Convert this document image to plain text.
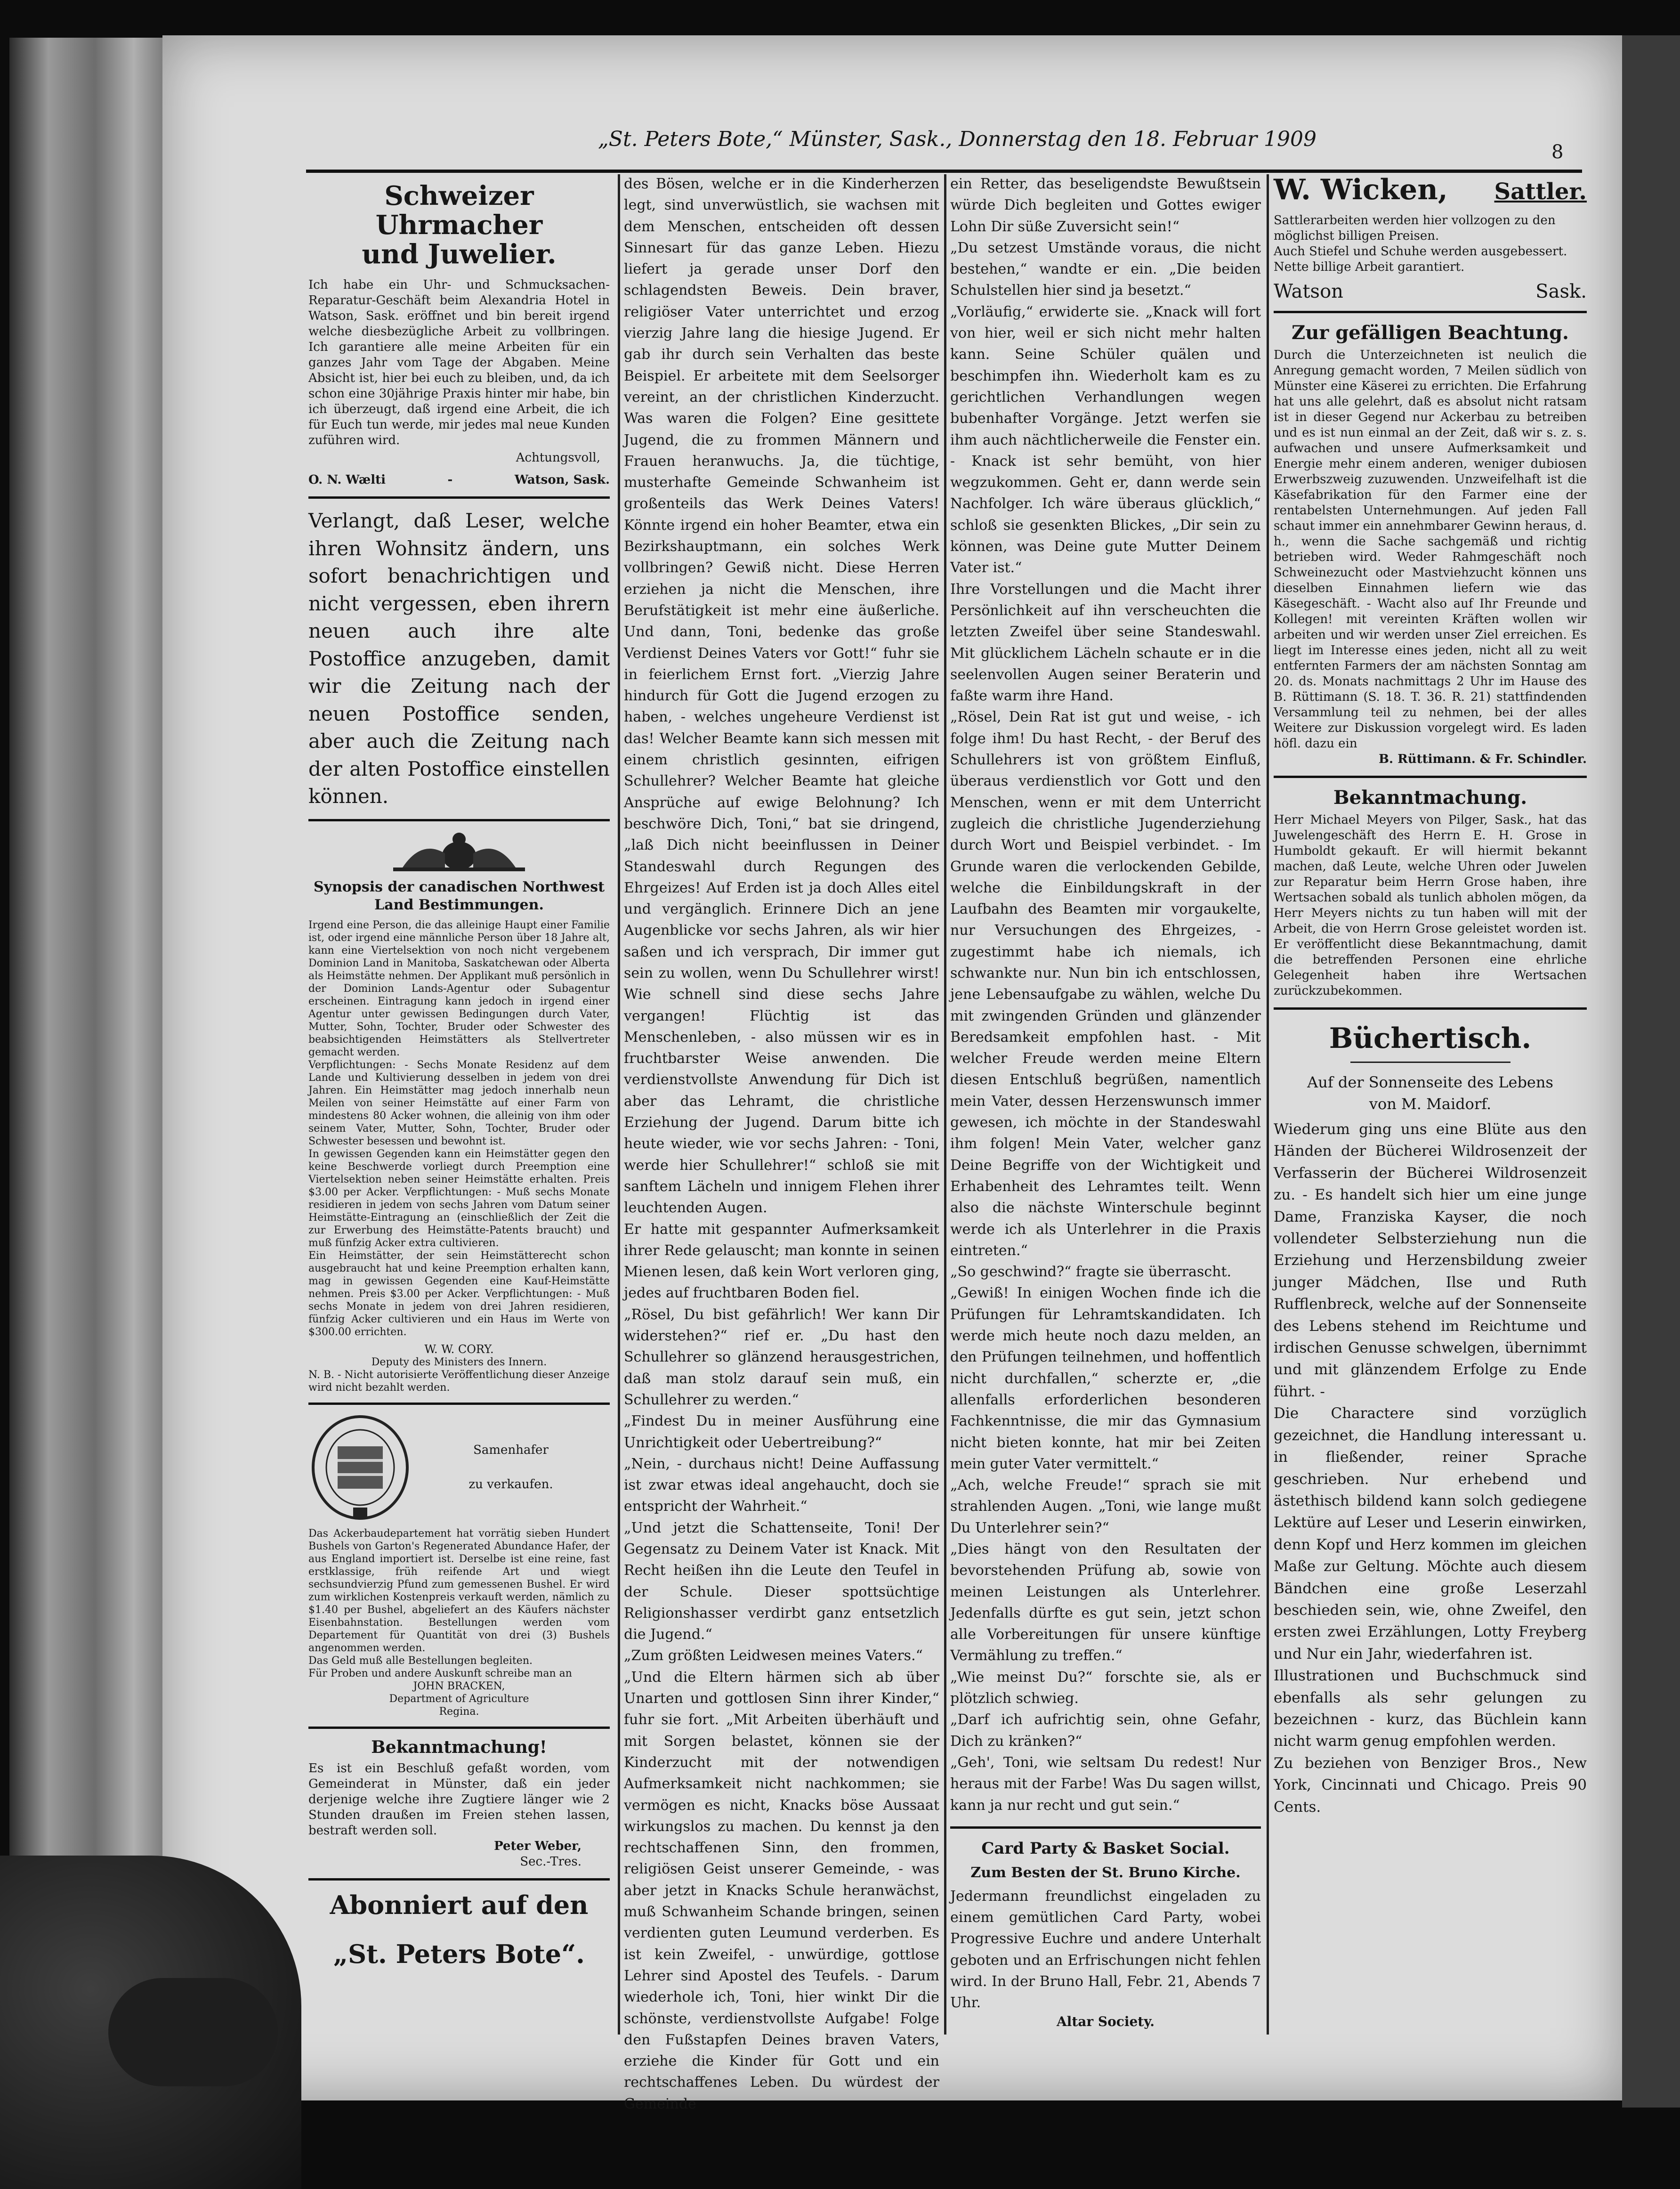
„St. Peters Bote,“ Münster, Sask., Donnerstag den 18. Februar 1909
8

Schweizer Uhrmacher
und Juwelier.

Ich habe ein Uhr- und Schmucksachen-Reparatur-Geschäft beim Alexandria Hotel in Watson, Sask. eröffnet und bin bereit irgend welche diesbezügliche Arbeit zu vollbringen. Ich garantiere alle meine Arbeiten für ein ganzes Jahr vom Tage der Abgaben. Meine Absicht ist, hier bei euch zu bleiben, und, da ich schon eine 30jährige Praxis hinter mir habe, bin ich überzeugt, daß irgend eine Arbeit, die ich für Euch tun werde, mir jedes mal neue Kunden zuführen wird.

Achtungsvoll,

O. N. Wælti	-	Watson, Sask.

Verlangt, daß Leser, welche ihren Wohnsitz ändern, uns sofort benachrichtigen und nicht vergessen, eben ihrern neuen auch ihre alte Postoffice anzugeben, damit wir die Zeitung nach der neuen Postoffice senden, aber auch die Zeitung nach der alten Postoffice einstellen können.

Synopsis der canadischen Northwest
Land Bestimmungen.

Irgend eine Person, die das alleinige Haupt einer Familie ist, oder irgend eine männliche Person über 18 Jahre alt, kann eine Viertelsektion von noch nicht vergebenem Dominion Land in Manitoba, Saskatchewan oder Alberta als Heimstätte nehmen. Der Applikant muß persönlich in der Dominion Lands-Agentur oder Subagentur erscheinen. Eintragung kann jedoch in irgend einer Agentur unter gewissen Bedingungen durch Vater, Mutter, Sohn, Tochter, Bruder oder Schwester des beabsichtigenden Heimstätters als Stellvertreter gemacht werden.
Verpflichtungen: - Sechs Monate Residenz auf dem Lande und Kultivierung desselben in jedem von drei Jahren. Ein Heimstätter mag jedoch innerhalb neun Meilen von seiner Heimstätte auf einer Farm von mindestens 80 Acker wohnen, die alleinig von ihm oder seinem Vater, Mutter, Sohn, Tochter, Bruder oder Schwester besessen und bewohnt ist.
In gewissen Gegenden kann ein Heimstätter gegen den keine Beschwerde vorliegt durch Preemption eine Viertelsektion neben seiner Heimstätte erhalten. Preis $3.00 per Acker. Verpflichtungen: - Muß sechs Monate residieren in jedem von sechs Jahren vom Datum seiner Heimstätte-Eintragung an (einschließlich der Zeit die zur Erwerbung des Heimstätte-Patents braucht) und muß fünfzig Acker extra cultivieren.
Ein Heimstätter, der sein Heimstätterecht schon ausgebraucht hat und keine Preemption erhalten kann, mag in gewissen Gegenden eine Kauf-Heimstätte nehmen. Preis $3.00 per Acker. Verpflichtungen: - Muß sechs Monate in jedem von drei Jahren residieren, fünfzig Acker cultivieren und ein Haus im Werte von $300.00 errichten.

W. W. CORY.

Deputy des Ministers des Innern.

N. B. - Nicht autorisierte Veröffentlichung dieser Anzeige wird nicht bezahlt werden.

Samenhafer

zu verkaufen.

Das Ackerbaudepartement hat vorrätig sieben Hundert Bushels von Garton's Regenerated Abundance Hafer, der aus England importiert ist. Derselbe ist eine reine, fast erstklassige, früh reifende Art und wiegt sechsundvierzig Pfund zum gemessenen Bushel. Er wird zum wirklichen Kostenpreis verkauft werden, nämlich zu $1.40 per Bushel, abgeliefert an des Käufers nächster Eisenbahnstation. Bestellungen werden vom Departement für Quantität von drei (3) Bushels angenommen werden.
Das Geld muß alle Bestellungen begleiten.
Für Proben und andere Auskunft schreibe man an

JOHN BRACKEN,

Department of Agriculture

Regina.

Bekanntmachung!

Es ist ein Beschluß gefaßt worden, vom Gemeinderat in Münster, daß ein jeder derjenige welche ihre Zugtiere länger wie 2 Stunden draußen im Freien stehen lassen, bestraft werden soll.

Peter Weber,

Sec.-Tres.

Abonniert auf den

„St. Peters Bote“.

des Bösen, welche er in die Kinderherzen legt, sind unverwüstlich, sie wachsen mit dem Menschen, entscheiden oft dessen Sinnesart für das ganze Leben. Hiezu liefert ja gerade unser Dorf den schlagendsten Beweis. Dein braver, religiöser Vater unterrichtet und erzog vierzig Jahre lang die hiesige Jugend. Er gab ihr durch sein Verhalten das beste Beispiel. Er arbeitete mit dem Seelsorger vereint, an der christlichen Kinderzucht. Was waren die Folgen? Eine gesittete Jugend, die zu frommen Männern und Frauen heranwuchs. Ja, die tüchtige, musterhafte Gemeinde Schwanheim ist großenteils das Werk Deines Vaters! Könnte irgend ein hoher Beamter, etwa ein Bezirkshauptmann, ein solches Werk vollbringen? Gewiß nicht. Diese Herren erziehen ja nicht die Menschen, ihre Berufstätigkeit ist mehr eine äußerliche. Und dann, Toni, bedenke das große Verdienst Deines Vaters vor Gott!“ fuhr sie in feierlichem Ernst fort. „Vierzig Jahre hindurch für Gott die Jugend erzogen zu haben, - welches ungeheure Verdienst ist das! Welcher Beamte kann sich messen mit einem christlich gesinnten, eifrigen Schullehrer? Welcher Beamte hat gleiche Ansprüche auf ewige Belohnung? Ich beschwöre Dich, Toni,“ bat sie dringend, „laß Dich nicht beeinflussen in Deiner Standeswahl durch Regungen des Ehrgeizes! Auf Erden ist ja doch Alles eitel und vergänglich. Erinnere Dich an jene Augenblicke vor sechs Jahren, als wir hier saßen und ich versprach, Dir immer gut sein zu wollen, wenn Du Schullehrer wirst! Wie schnell sind diese sechs Jahre vergangen! Flüchtig ist das Menschenleben, - also müssen wir es in fruchtbarster Weise anwenden. Die verdienstvollste Anwendung für Dich ist aber das Lehramt, die christliche Erziehung der Jugend. Darum bitte ich heute wieder, wie vor sechs Jahren: - Toni, werde hier Schullehrer!“ schloß sie mit sanftem Lächeln und innigem Flehen ihrer leuchtenden Augen.
Er hatte mit gespannter Aufmerksamkeit ihrer Rede gelauscht; man konnte in seinen Mienen lesen, daß kein Wort verloren ging, jedes auf fruchtbaren Boden fiel.
„Rösel, Du bist gefährlich! Wer kann Dir widerstehen?“ rief er. „Du hast den Schullehrer so glänzend herausgestrichen, daß man stolz darauf sein muß, ein Schullehrer zu werden.“
„Findest Du in meiner Ausführung eine Unrichtigkeit oder Uebertreibung?“
„Nein, - durchaus nicht! Deine Auffassung ist zwar etwas ideal angehaucht, doch sie entspricht der Wahrheit.“
„Und jetzt die Schattenseite, Toni! Der Gegensatz zu Deinem Vater ist Knack. Mit Recht heißen ihn die Leute den Teufel in der Schule. Dieser spottsüchtige Religionshasser verdirbt ganz entsetzlich die Jugend.“
„Zum größten Leidwesen meines Vaters.“
„Und die Eltern härmen sich ab über Unarten und gottlosen Sinn ihrer Kinder,“ fuhr sie fort. „Mit Arbeiten überhäuft und mit Sorgen belastet, können sie der Kinderzucht mit der notwendigen Aufmerksamkeit nicht nachkommen; sie vermögen es nicht, Knacks böse Aussaat wirkungslos zu machen. Du kennst ja den rechtschaffenen Sinn, den frommen, religiösen Geist unserer Gemeinde, - was aber jetzt in Knacks Schule heranwächst, muß Schwanheim Schande bringen, seinen verdienten guten Leumund verderben. Es ist kein Zweifel, - unwürdige, gottlose Lehrer sind Apostel des Teufels. - Darum wiederhole ich, Toni, hier winkt Dir die schönste, verdienstvollste Aufgabe! Folge den Fußstapfen Deines braven Vaters, erziehe die Kinder für Gott und ein rechtschaffenes Leben. Du würdest der Gemeinde

ein Retter, das beseligendste Bewußtsein würde Dich begleiten und Gottes ewiger Lohn Dir süße Zuversicht sein!“
„Du setzest Umstände voraus, die nicht bestehen,“ wandte er ein. „Die beiden Schulstellen hier sind ja besetzt.“
„Vorläufig,“ erwiderte sie. „Knack will fort von hier, weil er sich nicht mehr halten kann. Seine Schüler quälen und beschimpfen ihn. Wiederholt kam es zu gerichtlichen Verhandlungen wegen bubenhafter Vorgänge. Jetzt werfen sie ihm auch nächtlicherweile die Fenster ein. - Knack ist sehr bemüht, von hier wegzukommen. Geht er, dann werde sein Nachfolger. Ich wäre überaus glücklich,“ schloß sie gesenkten Blickes, „Dir sein zu können, was Deine gute Mutter Deinem Vater ist.“
Ihre Vorstellungen und die Macht ihrer Persönlichkeit auf ihn verscheuchten die letzten Zweifel über seine Standeswahl. Mit glücklichem Lächeln schaute er in die seelenvollen Augen seiner Beraterin und faßte warm ihre Hand.
„Rösel, Dein Rat ist gut und weise, - ich folge ihm! Du hast Recht, - der Beruf des Schullehrers ist von größtem Einfluß, überaus verdienstlich vor Gott und den Menschen, wenn er mit dem Unterricht zugleich die christliche Jugenderziehung durch Wort und Beispiel verbindet. - Im Grunde waren die verlockenden Gebilde, welche die Einbildungskraft in der Laufbahn des Beamten mir vorgaukelte, nur Versuchungen des Ehrgeizes, - zugestimmt habe ich niemals, ich schwankte nur. Nun bin ich entschlossen, jene Lebensaufgabe zu wählen, welche Du mit zwingenden Gründen und glänzender Beredsamkeit empfohlen hast. - Mit welcher Freude werden meine Eltern diesen Entschluß begrüßen, namentlich mein Vater, dessen Herzenswunsch immer gewesen, ich möchte in der Standeswahl ihm folgen! Mein Vater, welcher ganz Deine Begriffe von der Wichtigkeit und Erhabenheit des Lehramtes teilt. Wenn also die nächste Winterschule beginnt werde ich als Unterlehrer in die Praxis eintreten.“
„So geschwind?“ fragte sie überrascht.
„Gewiß! In einigen Wochen finde ich die Prüfungen für Lehramtskandidaten. Ich werde mich heute noch dazu melden, an den Prüfungen teilnehmen, und hoffentlich nicht durchfallen,“ scherzte er, „die allenfalls erforderlichen besonderen Fachkenntnisse, die mir das Gymnasium nicht bieten konnte, hat mir bei Zeiten mein guter Vater vermittelt.“
„Ach, welche Freude!“ sprach sie mit strahlenden Augen. „Toni, wie lange mußt Du Unterlehrer sein?“
„Dies hängt von den Resultaten der bevorstehenden Prüfung ab, sowie von meinen Leistungen als Unterlehrer. Jedenfalls dürfte es gut sein, jetzt schon alle Vorbereitungen für unsere künftige Vermählung zu treffen.“
„Wie meinst Du?“ forschte sie, als er plötzlich schwieg.
„Darf ich aufrichtig sein, ohne Gefahr, Dich zu kränken?“
„Geh', Toni, wie seltsam Du redest! Nur heraus mit der Farbe! Was Du sagen willst, kann ja nur recht und gut sein.“

Card Party & Basket Social.

Zum Besten der St. Bruno Kirche.

Jedermann freundlichst eingeladen zu einem gemütlichen Card Party, wobei Progressive Euchre und andere Unterhalt geboten und an Erfrischungen nicht fehlen wird. In der Bruno Hall, Febr. 21, Abends 7 Uhr.

Altar Society.

W. Wicken, Sattler.

Sattlerarbeiten werden hier vollzogen zu den möglichst billigen Preisen.
Auch Stiefel und Schuhe werden ausgebessert.
Nette billige Arbeit garantiert.

Watson	Sask.

Zur gefälligen Beachtung.

Durch die Unterzeichneten ist neulich die Anregung gemacht worden, 7 Meilen südlich von Münster eine Käserei zu errichten. Die Erfahrung hat uns alle gelehrt, daß es absolut nicht ratsam ist in dieser Gegend nur Ackerbau zu betreiben und es ist nun einmal an der Zeit, daß wir s. z. s. aufwachen und unsere Aufmerksamkeit und Energie mehr einem anderen, weniger dubiosen Erwerbszweig zuzuwenden. Unzweifelhaft ist die Käsefabrikation für den Farmer eine der rentabelsten Unternehmungen. Auf jeden Fall schaut immer ein annehmbarer Gewinn heraus, d. h., wenn die Sache sachgemäß und richtig betrieben wird. Weder Rahmgeschäft noch Schweinezucht oder Mastviehzucht können uns dieselben Einnahmen liefern wie das Käsegeschäft. - Wacht also auf Ihr Freunde und Kollegen! mit vereinten Kräften wollen wir arbeiten und wir werden unser Ziel erreichen. Es liegt im Interesse eines jeden, nicht all zu weit entfernten Farmers der am nächsten Sonntag am 20. ds. Monats nachmittags 2 Uhr im Hause des B. Rüttimann (S. 18. T. 36. R. 21) stattfindenden Versammlung teil zu nehmen, bei der alles Weitere zur Diskussion vorgelegt wird. Es laden höfl. dazu ein

B. Rüttimann. & Fr. Schindler.

Bekanntmachung.

Herr Michael Meyers von Pilger, Sask., hat das Juwelengeschäft des Herrn E. H. Grose in Humboldt gekauft. Er will hiermit bekannt machen, daß Leute, welche Uhren oder Juwelen zur Reparatur beim Herrn Grose haben, ihre Wertsachen sobald als tunlich abholen mögen, da Herr Meyers nichts zu tun haben will mit der Arbeit, die von Herrn Grose geleistet worden ist. Er veröffentlicht diese Bekanntmachung, damit die betreffenden Personen eine ehrliche Gelegenheit haben ihre Wertsachen zurückzubekommen.

Büchertisch.

Auf der Sonnenseite des Lebens
von M. Maidorf.

Wiederum ging uns eine Blüte aus den Händen der Bücherei Wildrosenzeit der Verfasserin der Bücherei Wildrosenzeit zu. - Es handelt sich hier um eine junge Dame, Franziska Kayser, die noch vollendeter Selbsterziehung nun die Erziehung und Herzensbildung zweier junger Mädchen, Ilse und Ruth Rufflenbreck, welche auf der Sonnenseite des Lebens stehend im Reichtume und irdischen Genusse schwelgen, übernimmt und mit glänzendem Erfolge zu Ende führt. -
Die Charactere sind vorzüglich gezeichnet, die Handlung interessant u. in fließender, reiner Sprache geschrieben. Nur erhebend und ästethisch bildend kann solch gediegene Lektüre auf Leser und Leserin einwirken, denn Kopf und Herz kommen im gleichen Maße zur Geltung. Möchte auch diesem Bändchen eine große Leserzahl beschieden sein, wie, ohne Zweifel, den ersten zwei Erzählungen, Lotty Freyberg und Nur ein Jahr, wiederfahren ist.
Illustrationen und Buchschmuck sind ebenfalls als sehr gelungen zu bezeichnen - kurz, das Büchlein kann nicht warm genug empfohlen werden.
Zu beziehen von Benziger Bros., New York, Cincinnati und Chicago. Preis 90 Cents.
